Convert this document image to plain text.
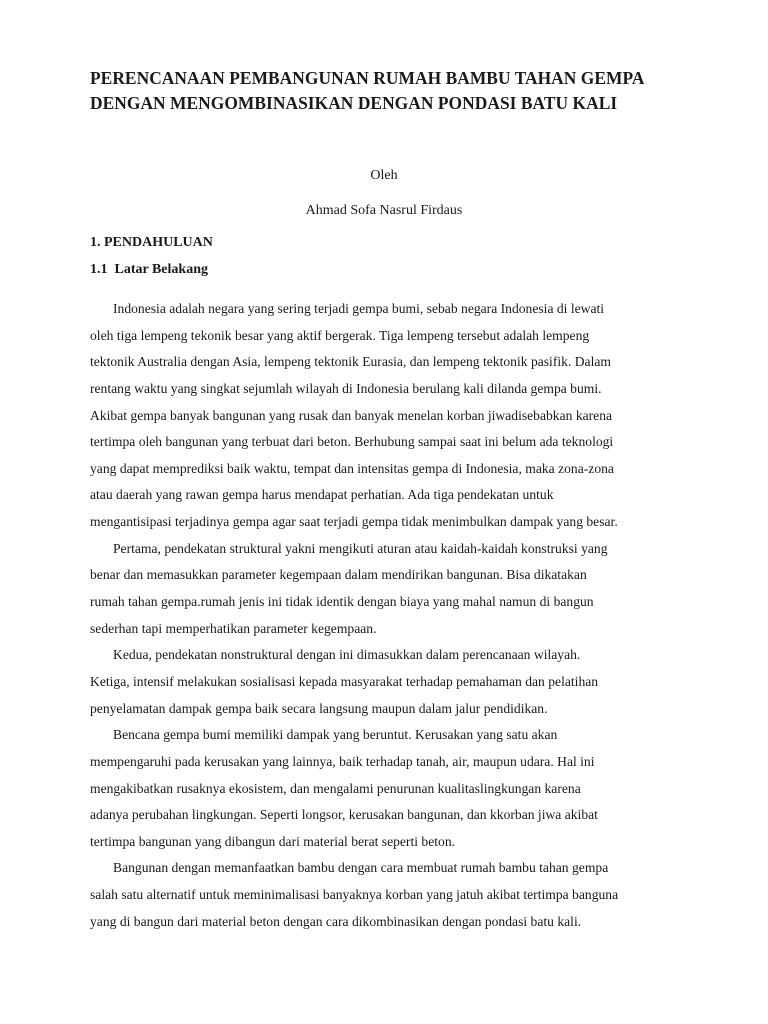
PERENCANAAN PEMBANGUNAN RUMAH BAMBU TAHAN GEMPA
DENGAN MENGOMBINASIKAN DENGAN PONDASI BATU KALI

Oleh

Ahmad Sofa Nasrul Firdaus

1. PENDAHULUAN
1.1  Latar Belakang
Indonesia adalah negara yang sering terjadi gempa bumi, sebab negara Indonesia di lewati
oleh tiga lempeng tekonik besar yang aktif bergerak. Tiga lempeng tersebut adalah lempeng
tektonik Australia dengan Asia, lempeng tektonik Eurasia, dan lempeng tektonik pasifik. Dalam
rentang waktu yang singkat sejumlah wilayah di Indonesia berulang kali dilanda gempa bumi.
Akibat gempa banyak bangunan yang rusak dan banyak menelan korban jiwadisebabkan karena
tertimpa oleh bangunan yang terbuat dari beton. Berhubung sampai saat ini belum ada teknologi
yang dapat memprediksi baik waktu, tempat dan intensitas gempa di Indonesia, maka zona-zona
atau daerah yang rawan gempa harus mendapat perhatian. Ada tiga pendekatan untuk
mengantisipasi terjadinya gempa agar saat terjadi gempa tidak menimbulkan dampak yang besar.
Pertama, pendekatan struktural yakni mengikuti aturan atau kaidah-kaidah konstruksi yang
benar dan memasukkan parameter kegempaan dalam mendirikan bangunan. Bisa dikatakan
rumah tahan gempa.rumah jenis ini tidak identik dengan biaya yang mahal namun di bangun
sederhan tapi memperhatikan parameter kegempaan.
Kedua, pendekatan nonstruktural dengan ini dimasukkan dalam perencanaan wilayah.
Ketiga, intensif melakukan sosialisasi kepada masyarakat terhadap pemahaman dan pelatihan
penyelamatan dampak gempa baik secara langsung maupun dalam jalur pendidikan.
Bencana gempa bumi memiliki dampak yang beruntut. Kerusakan yang satu akan
mempengaruhi pada kerusakan yang lainnya, baik terhadap tanah, air, maupun udara. Hal ini
mengakibatkan rusaknya ekosistem, dan mengalami penurunan kualitaslingkungan karena
adanya perubahan lingkungan. Seperti longsor, kerusakan bangunan, dan kkorban jiwa akibat
tertimpa bangunan yang dibangun dari material berat seperti beton.
Bangunan dengan memanfaatkan bambu dengan cara membuat rumah bambu tahan gempa
salah satu alternatif untuk meminimalisasi banyaknya korban yang jatuh akibat tertimpa banguna
yang di bangun dari material beton dengan cara dikombinasikan dengan pondasi batu kali.
